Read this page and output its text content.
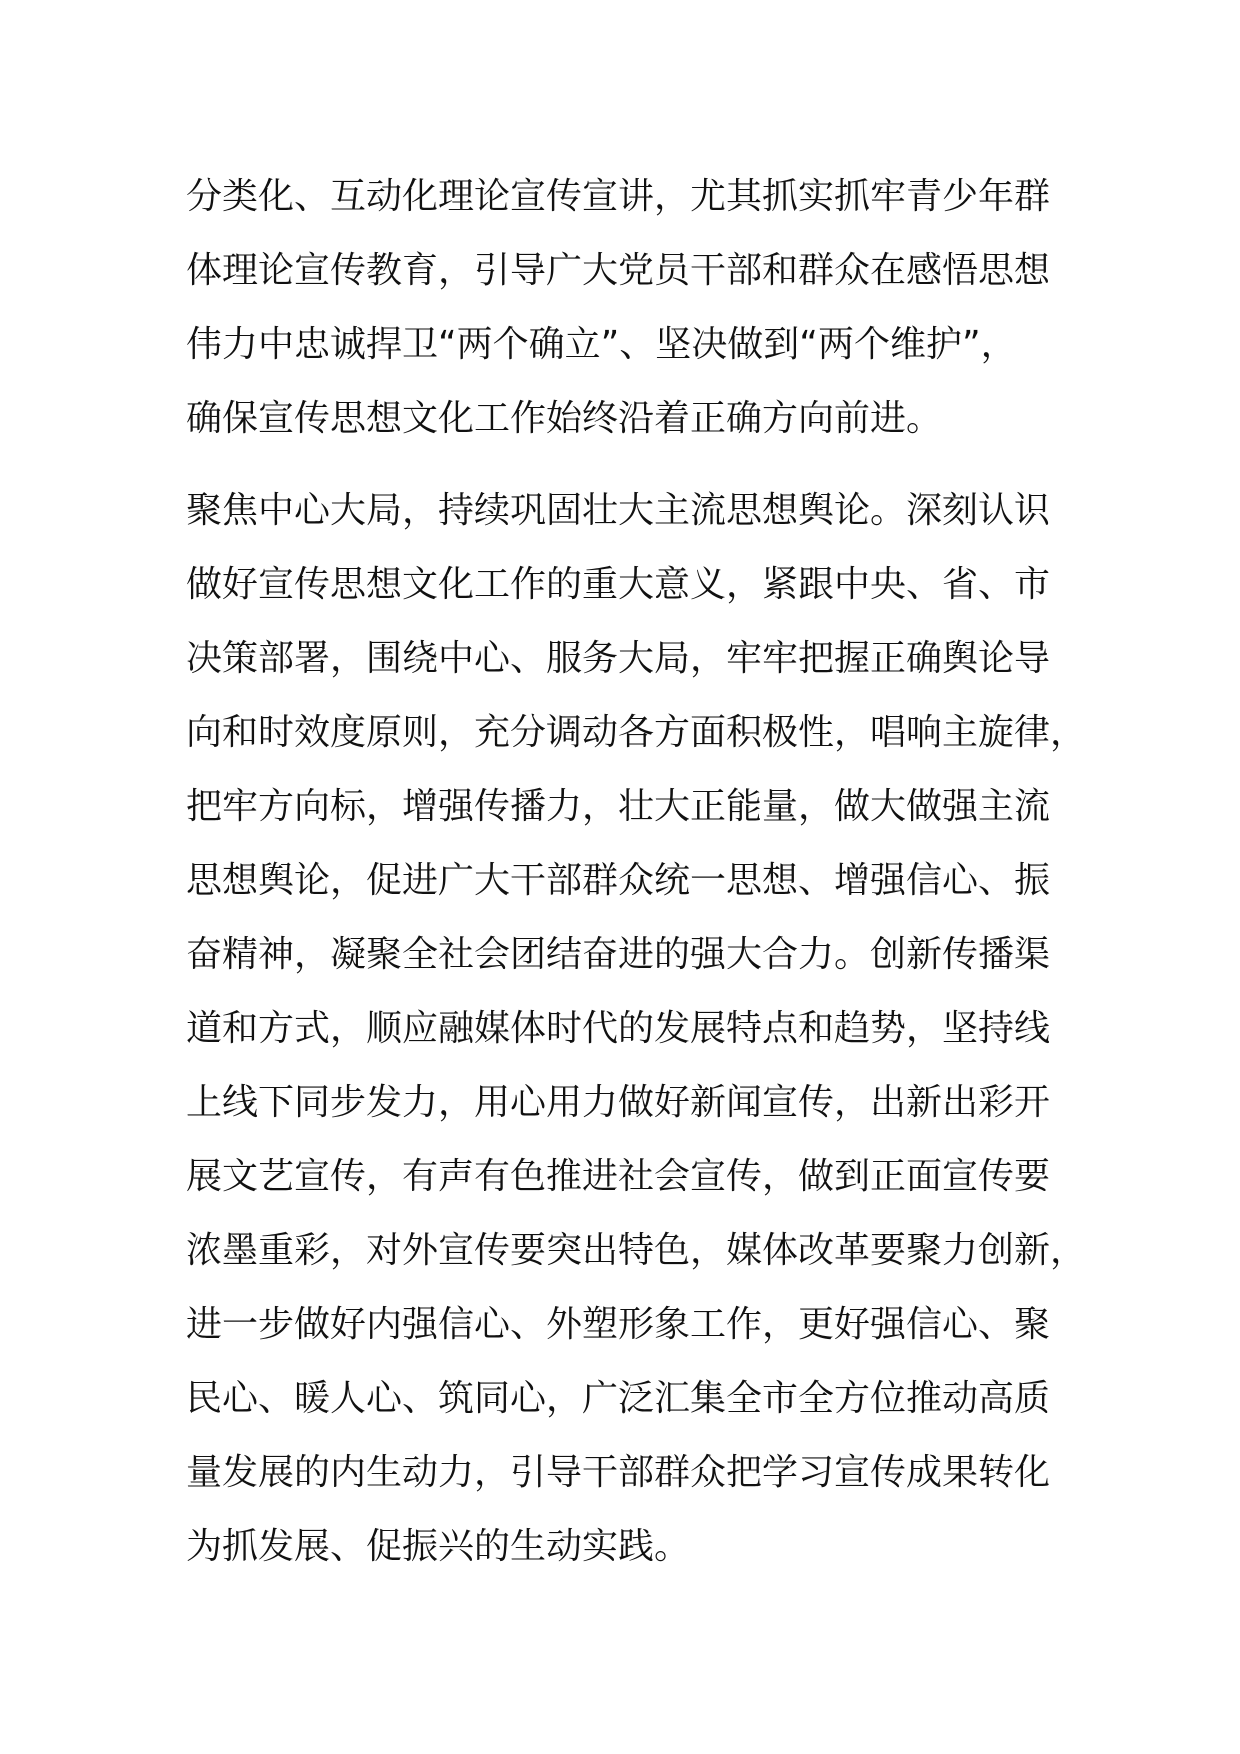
分类化、互动化理论宣传宣讲，尤其抓实抓牢青少年群
体理论宣传教育，引导广大党员干部和群众在感悟思想
伟力中忠诚捍卫“两个确立”、坚决做到“两个维护”，
确保宣传思想文化工作始终沿着正确方向前进。
聚焦中心大局，持续巩固壮大主流思想舆论。深刻认识
做好宣传思想文化工作的重大意义，紧跟中央、省、市
决策部署，围绕中心、服务大局，牢牢把握正确舆论导
向和时效度原则，充分调动各方面积极性，唱响主旋律，
把牢方向标，增强传播力，壮大正能量，做大做强主流
思想舆论，促进广大干部群众统一思想、增强信心、振
奋精神，凝聚全社会团结奋进的强大合力。创新传播渠
道和方式，顺应融媒体时代的发展特点和趋势，坚持线
上线下同步发力，用心用力做好新闻宣传，出新出彩开
展文艺宣传，有声有色推进社会宣传，做到正面宣传要
浓墨重彩，对外宣传要突出特色，媒体改革要聚力创新，
进一步做好内强信心、外塑形象工作，更好强信心、聚
民心、暖人心、筑同心，广泛汇集全市全方位推动高质
量发展的内生动力，引导干部群众把学习宣传成果转化
为抓发展、促振兴的生动实践。
